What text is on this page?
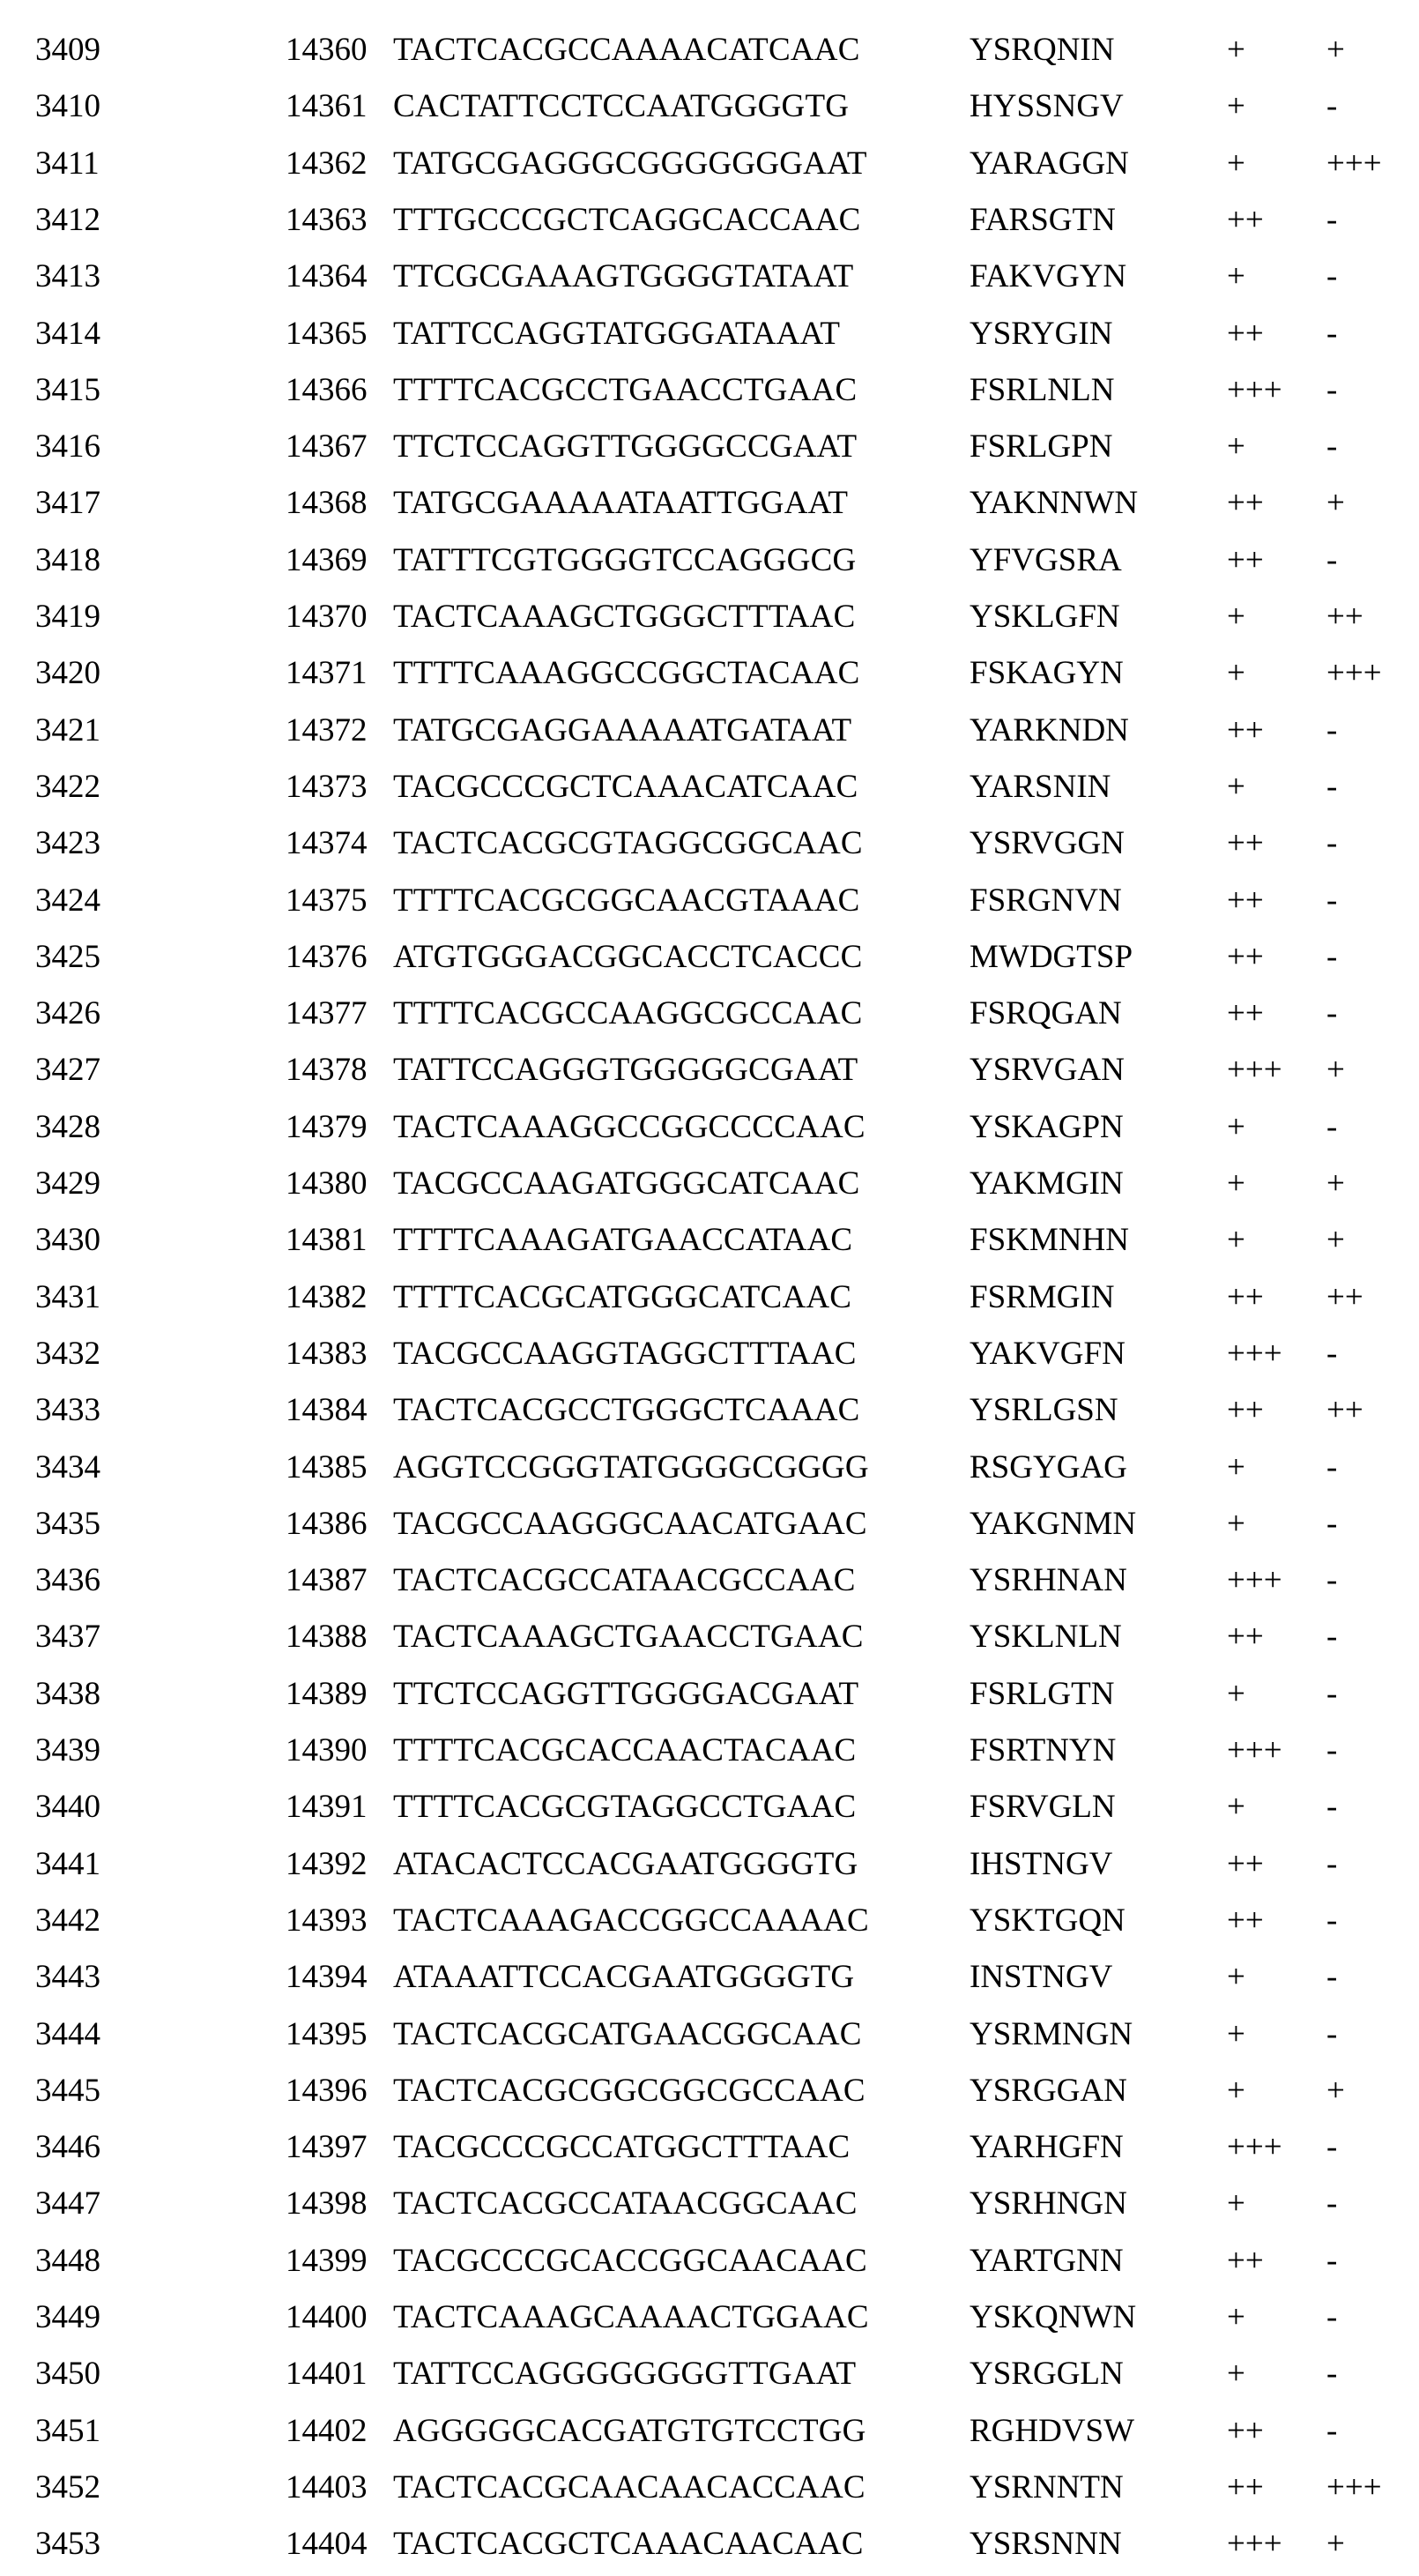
3409	14360 TACTCACGCCAAAACATCAAC	YSRQNIN	+ +
3410	14361 CACTATTCCTCCAATGGGGTG	HYSSNGV	+ -
3411	14362 TATGCGAGGGCGGGGGGGAAT	YARAGGN	+ +++
3412	14363 TTTGCCCGCTCAGGCACCAAC	FARSGTN	++ -
3413	14364 TTCGCGAAAGTGGGGTATAAT	FAKVGYN	+ -
3414	14365 TATTCCAGGTATGGGATAAAT	YSRYGIN	++ -
3415	14366 TTTTCACGCCTGAACCTGAAC	FSRLNLN	+++ -
3416	14367 TTCTCCAGGTTGGGGCCGAAT	FSRLGPN	+ -
3417	14368 TATGCGAAAAATAATTGGAAT	YAKNNWN	++ +
3418	14369 TATTTCGTGGGGTCCAGGGCG	YFVGSRA	++ -
3419	14370 TACTCAAAGCTGGGCTTTAAC	YSKLGFN	+ ++
3420	14371 TTTTCAAAGGCCGGCTACAAC	FSKAGYN	+ +++
3421	14372 TATGCGAGGAAAAATGATAAT	YARKNDN	++ -
3422	14373 TACGCCCGCTCAAACATCAAC	YARSNIN	+ -
3423	14374 TACTCACGCGTAGGCGGCAAC	YSRVGGN	++ -
3424	14375 TTTTCACGCGGCAACGTAAAC	FSRGNVN	++ -
3425	14376 ATGTGGGACGGCACCTCACCC	MWDGTSP	++ -
3426	14377 TTTTCACGCCAAGGCGCCAAC	FSRQGAN	++ -
3427	14378 TATTCCAGGGTGGGGGCGAAT	YSRVGAN	+++ +
3428	14379 TACTCAAAGGCCGGCCCCAAC	YSKAGPN	+ -
3429	14380 TACGCCAAGATGGGCATCAAC	YAKMGIN	+ +
3430	14381 TTTTCAAAGATGAACCATAAC	FSKMNHN	+ +
3431	14382 TTTTCACGCATGGGCATCAAC	FSRMGIN	++ ++
3432	14383 TACGCCAAGGTAGGCTTTAAC	YAKVGFN	+++ -
3433	14384 TACTCACGCCTGGGCTCAAAC	YSRLGSN	++ ++
3434	14385 AGGTCCGGGTATGGGGCGGGG	RSGYGAG	+ -
3435	14386 TACGCCAAGGGCAACATGAAC	YAKGNMN	+ -
3436	14387 TACTCACGCCATAACGCCAAC	YSRHNAN	+++ -
3437	14388 TACTCAAAGCTGAACCTGAAC	YSKLNLN	++ -
3438	14389 TTCTCCAGGTTGGGGACGAAT	FSRLGTN	+ -
3439	14390 TTTTCACGCACCAACTACAAC	FSRTNYN	+++ -
3440	14391 TTTTCACGCGTAGGCCTGAAC	FSRVGLN	+ -
3441	14392 ATACACTCCACGAATGGGGTG	IHSTNGV	++ -
3442	14393 TACTCAAAGACCGGCCAAAAC	YSKTGQN	++ -
3443	14394 ATAAATTCCACGAATGGGGTG	INSTNGV	+ -
3444	14395 TACTCACGCATGAACGGCAAC	YSRMNGN	+ -
3445	14396 TACTCACGCGGCGGCGCCAAC	YSRGGAN	+ +
3446	14397 TACGCCCGCCATGGCTTTAAC	YARHGFN	+++ -
3447	14398 TACTCACGCCATAACGGCAAC	YSRHNGN	+ -
3448	14399 TACGCCCGCACCGGCAACAAC	YARTGNN	++ -
3449	14400 TACTCAAAGCAAAACTGGAAC	YSKQNWN	+ -
3450	14401 TATTCCAGGGGGGGGTTGAAT	YSRGGLN	+ -
3451	14402 AGGGGGCACGATGTGTCCTGG	RGHDVSW	++ -
3452	14403 TACTCACGCAACAACACCAAC	YSRNNTN	++ +++
3453	14404 TACTCACGCTCAAACAACAAC	YSRSNNN	+++ +
